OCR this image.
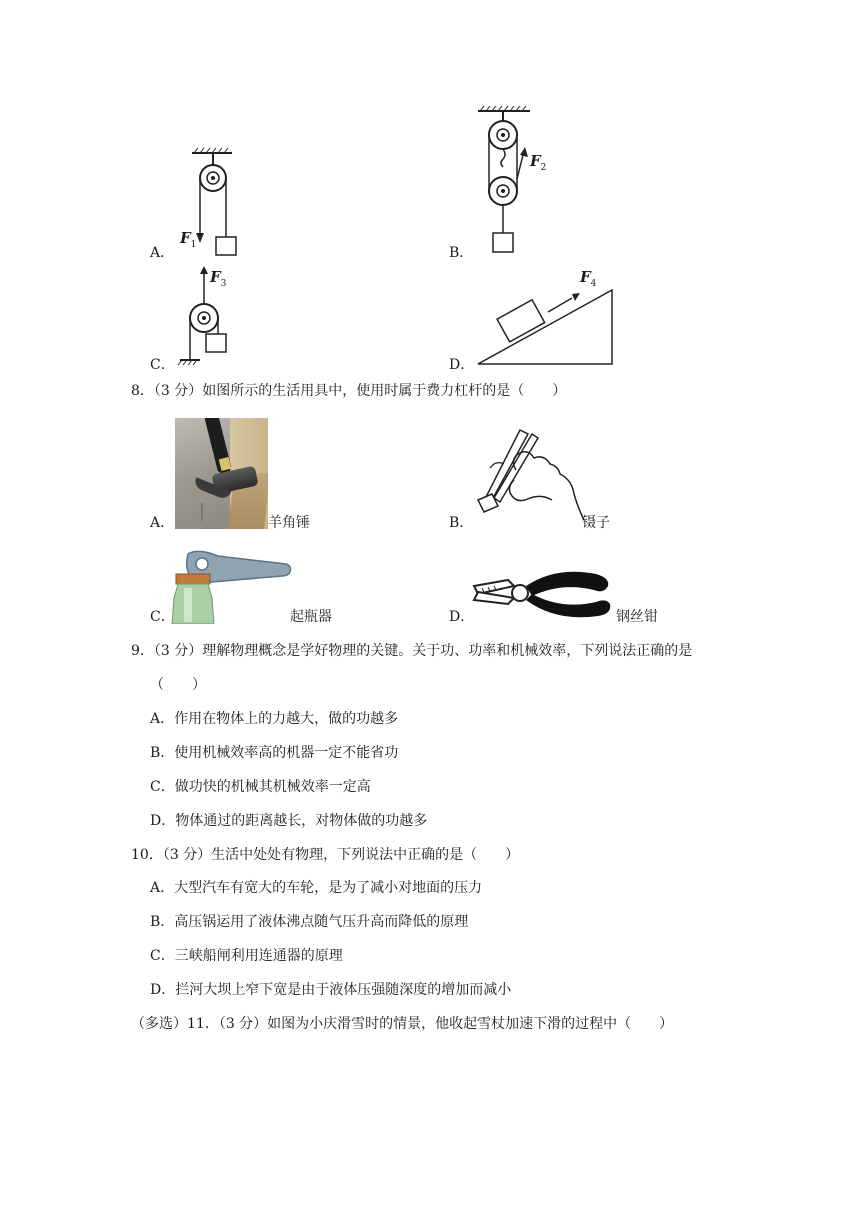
$F_1$
A．
$F_2$
B．
$F_3$
C．
$F_4$
D．
8．（3 分）如图所示的生活用具中，使用时属于费力杠杆的是（　　）
A．	羊角锤	B．	镊子
C．	起瓶器	D．	钢丝钳
9．（3 分）理解物理概念是学好物理的关键。关于功、功率和机械效率，下列说法正确的是
（　　）
A．作用在物体上的力越大，做的功越多
B．使用机械效率高的机器一定不能省功
C．做功快的机械其机械效率一定高
D．物体通过的距离越长，对物体做的功越多
10．（3 分）生活中处处有物理，下列说法中正确的是（　　）
A．大型汽车有宽大的车轮，是为了减小对地面的压力
B．高压锅运用了液体沸点随气压升高而降低的原理
C．三峡船闸利用连通器的原理
D．拦河大坝上窄下宽是由于液体压强随深度的增加而减小
（多选）11．（3 分）如图为小庆滑雪时的情景，他收起雪杖加速下滑的过程中（　　）
